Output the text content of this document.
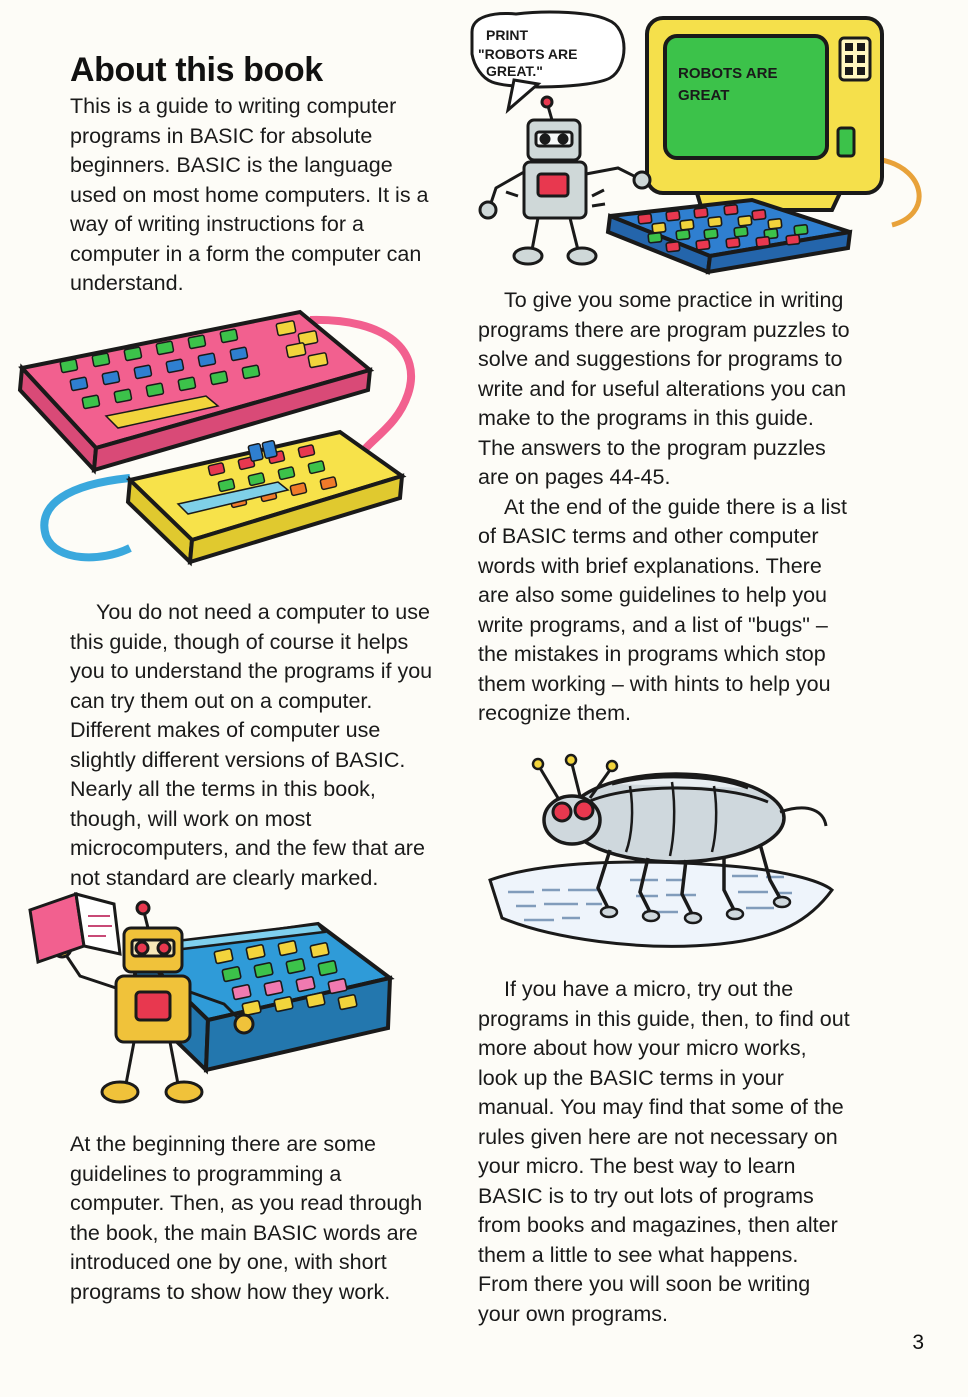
About this book	ROBOTS ARE
GREAT
PRINT
"ROBOTS ARE
GREAT."

This is a guide to writing computer programs in BASIC for absolute beginners. BASIC is the language used on most home computers. It is a way of writing instructions for a computer in a form the computer can understand.

You do not need a computer to use this guide, though of course it helps you to understand the programs if you can try them out on a computer. Different makes of computer use slightly different versions of BASIC. Nearly all the terms in this book, though, will work on most microcomputers, and the few that are not standard are clearly marked.

At the beginning there are some guidelines to programming a computer. Then, as you read through the book, the main BASIC words are introduced one by one, with short programs to show how they work.

To give you some practice in writing programs there are program puzzles to solve and suggestions for programs to write and for useful alterations you can make to the programs in this guide. The answers to the program puzzles are on pages 44-45.

At the end of the guide there is a list of BASIC terms and other computer words with brief explanations. There are also some guidelines to help you write programs, and a list of "bugs" – the mistakes in programs which stop them working – with hints to help you recognize them.

If you have a micro, try out the programs in this guide, then, to find out more about how your micro works, look up the BASIC terms in your manual. You may find that some of the rules given here are not necessary on your micro. The best way to learn BASIC is to try out lots of programs from books and magazines, then alter them a little to see what happens. From there you will soon be writing your own programs.

3
